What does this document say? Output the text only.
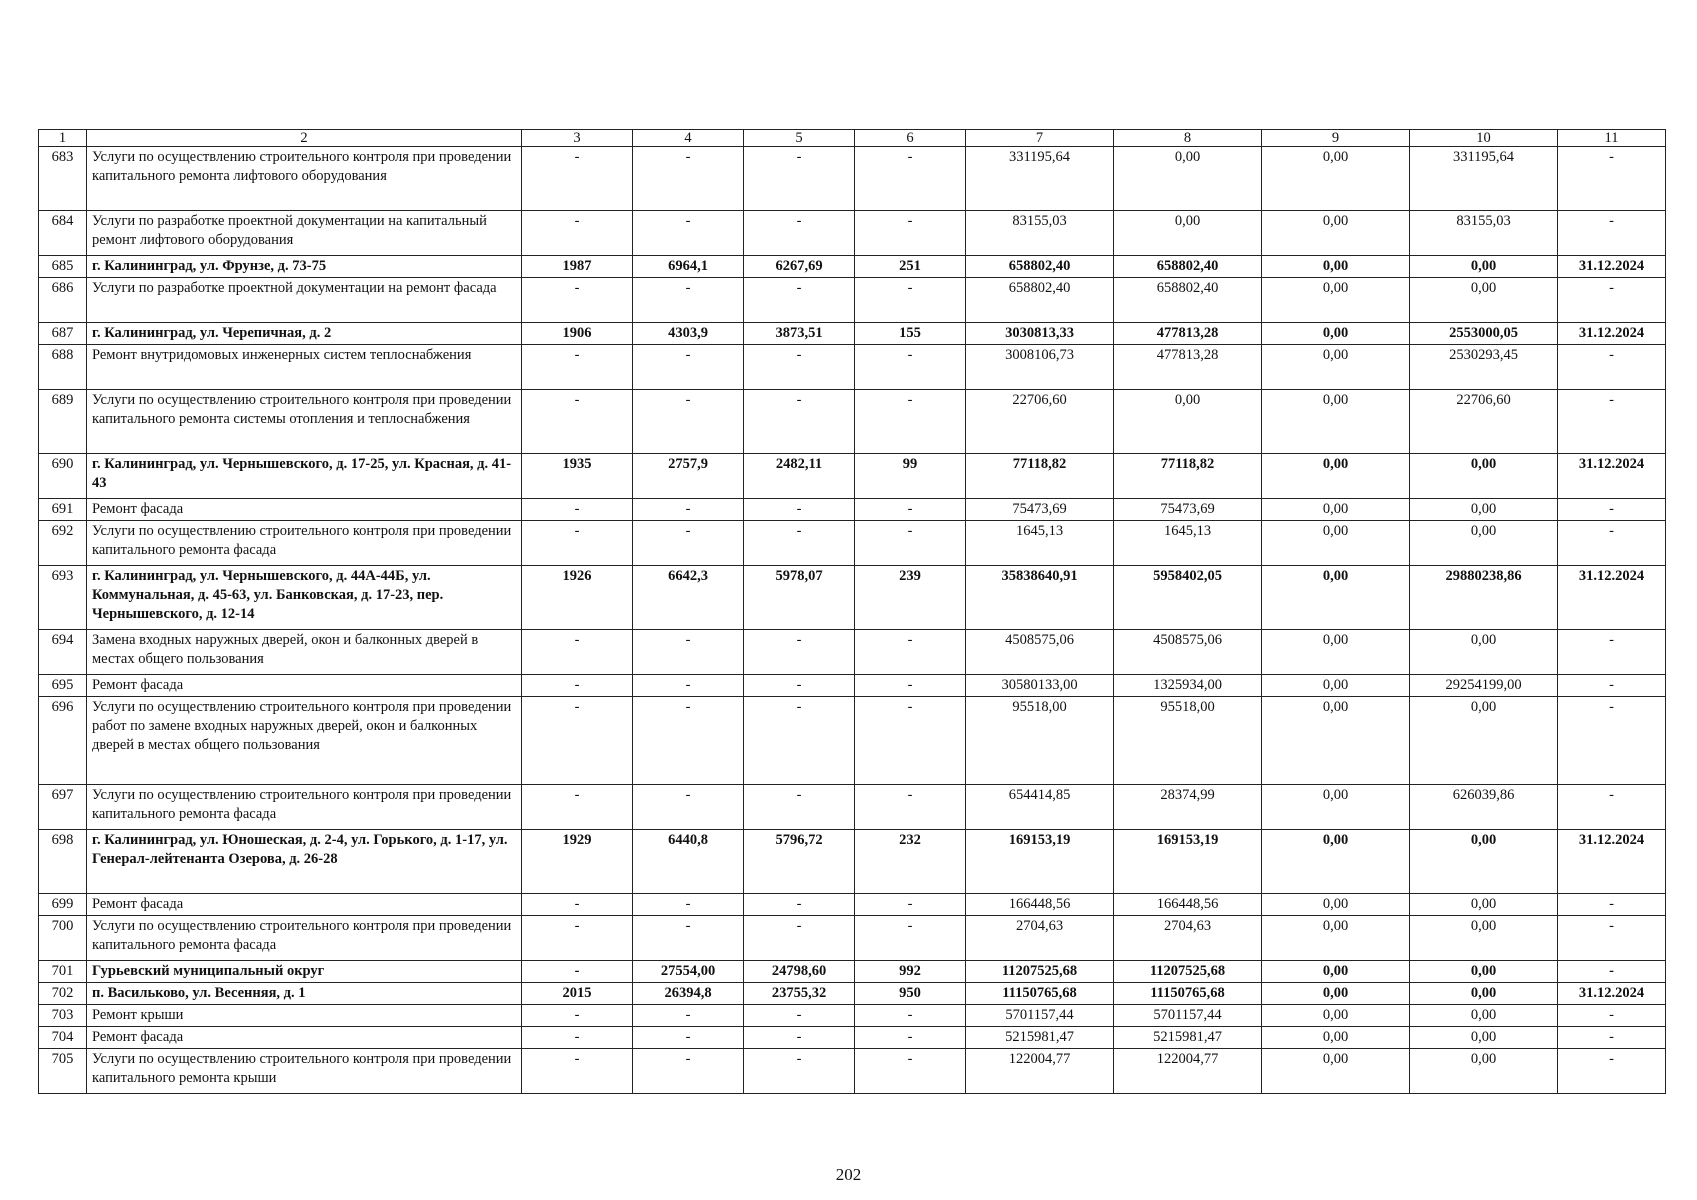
1	2	3	4	5	6	7	8	9	10	11
683	Услуги по осуществлению строительного контроля при проведении капитального ремонта лифтового оборудования	-	-	-	-	331195,64	0,00	0,00	331195,64	-
684	Услуги по разработке проектной документации на капитальный ремонт лифтового оборудования	-	-	-	-	83155,03	0,00	0,00	83155,03	-
685	г. Калининград, ул. Фрунзе, д. 73-75	1987	6964,1	6267,69	251	658802,40	658802,40	0,00	0,00	31.12.2024
686	Услуги по разработке проектной документации на ремонт фасада	-	-	-	-	658802,40	658802,40	0,00	0,00	-
687	г. Калининград, ул. Черепичная, д. 2	1906	4303,9	3873,51	155	3030813,33	477813,28	0,00	2553000,05	31.12.2024
688	Ремонт внутридомовых инженерных систем теплоснабжения	-	-	-	-	3008106,73	477813,28	0,00	2530293,45	-
689	Услуги по осуществлению строительного контроля при проведении капитального ремонта системы отопления и теплоснабжения	-	-	-	-	22706,60	0,00	0,00	22706,60	-
690	г. Калининград, ул. Чернышевского, д. 17-25, ул. Красная, д. 41-43	1935	2757,9	2482,11	99	77118,82	77118,82	0,00	0,00	31.12.2024
691	Ремонт фасада	-	-	-	-	75473,69	75473,69	0,00	0,00	-
692	Услуги по осуществлению строительного контроля при проведении капитального ремонта фасада	-	-	-	-	1645,13	1645,13	0,00	0,00	-
693	г. Калининград, ул. Чернышевского, д. 44А-44Б, ул. Коммунальная, д. 45-63, ул. Банковская, д. 17-23, пер. Чернышевского, д. 12-14	1926	6642,3	5978,07	239	35838640,91	5958402,05	0,00	29880238,86	31.12.2024
694	Замена входных наружных дверей, окон и балконных дверей в местах общего пользования	-	-	-	-	4508575,06	4508575,06	0,00	0,00	-
695	Ремонт фасада	-	-	-	-	30580133,00	1325934,00	0,00	29254199,00	-
696	Услуги по осуществлению строительного контроля при проведении работ по замене входных наружных дверей, окон и балконных дверей в местах общего пользования	-	-	-	-	95518,00	95518,00	0,00	0,00	-
697	Услуги по осуществлению строительного контроля при проведении капитального ремонта фасада	-	-	-	-	654414,85	28374,99	0,00	626039,86	-
698	г. Калининград, ул. Юношеская, д. 2-4, ул. Горького, д. 1-17, ул. Генерал-лейтенанта Озерова, д. 26-28	1929	6440,8	5796,72	232	169153,19	169153,19	0,00	0,00	31.12.2024
699	Ремонт фасада	-	-	-	-	166448,56	166448,56	0,00	0,00	-
700	Услуги по осуществлению строительного контроля при проведении капитального ремонта фасада	-	-	-	-	2704,63	2704,63	0,00	0,00	-
701	Гурьевский муниципальный округ	-	27554,00	24798,60	992	11207525,68	11207525,68	0,00	0,00	-
702	п. Васильково, ул. Весенняя, д. 1	2015	26394,8	23755,32	950	11150765,68	11150765,68	0,00	0,00	31.12.2024
703	Ремонт крыши	-	-	-	-	5701157,44	5701157,44	0,00	0,00	-
704	Ремонт фасада	-	-	-	-	5215981,47	5215981,47	0,00	0,00	-
705	Услуги по осуществлению строительного контроля при проведении капитального ремонта крыши	-	-	-	-	122004,77	122004,77	0,00	0,00	-
202
